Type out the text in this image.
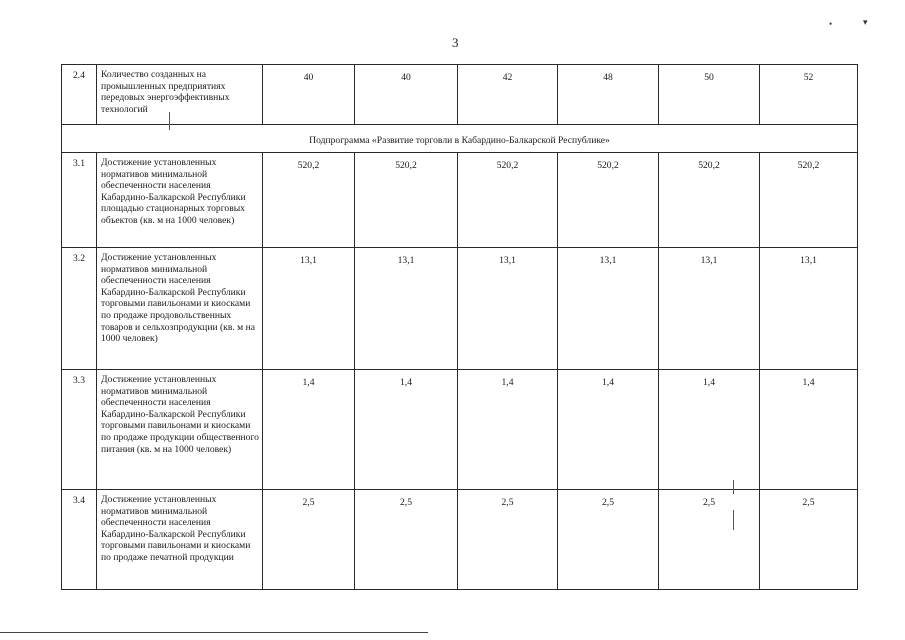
3
•	▾
2.4	Количество созданных на промышленных предприятиях передовых энергоэффективных технологий	40	40	42	48	50	52
Подпрограмма «Развитие торговли в Кабардино-Балкарской Республике»							
3.1	Достижение установленных нормативов минимальной обеспеченности населения Кабардино-Балкарской Республики площадью стационарных торговых объектов (кв. м на 1000 человек)	520,2	520,2	520,2	520,2	520,2	520,2
3.2	Достижение установленных нормативов минимальной обеспеченности населения Кабардино-Балкарской Республики торговыми павильонами и киосками по продаже продовольственных товаров и сельхозпродукции (кв. м на 1000 человек)	13,1	13,1	13,1	13,1	13,1	13,1
3.3	Достижение установленных нормативов минимальной обеспеченности населения Кабардино-Балкарской Республики торговыми павильонами и киосками по продаже продукции общественного питания (кв. м на 1000 человек)	1,4	1,4	1,4	1,4	1,4	1,4
3.4	Достижение установленных нормативов минимальной обеспеченности населения Кабардино-Балкарской Республики торговыми павильонами и киосками по продаже печатной продукции	2,5	2,5	2,5	2,5	2,5	2,5
